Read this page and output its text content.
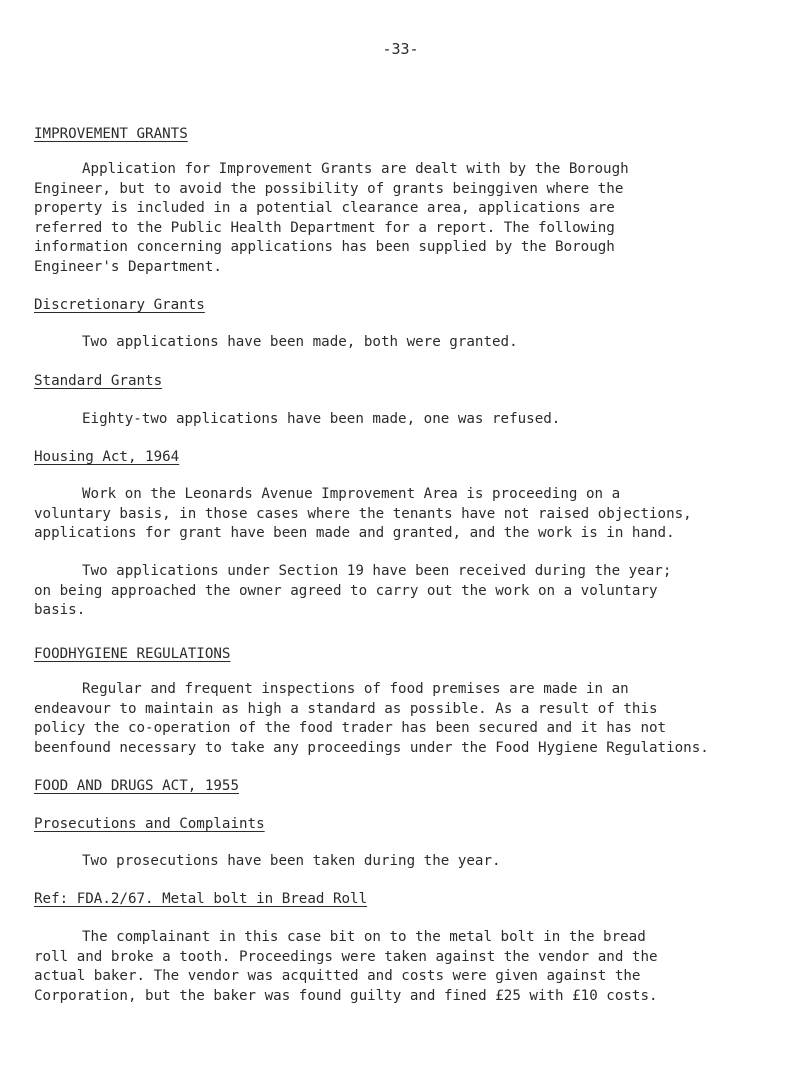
-33-
IMPROVEMENT GRANTS
Application for Improvement Grants are dealt with by the Borough
Engineer, but to avoid the possibility of grants beinggiven where the
property is included in a potential clearance area, applications are
referred to the Public Health Department for a report. The following
information concerning applications has been supplied by the Borough
Engineer's Department.
Discretionary Grants
Two applications have been made, both were granted.
Standard Grants
Eighty-two applications have been made, one was refused.
Housing Act, 1964
Work on the Leonards Avenue Improvement Area is proceeding on a
voluntary basis, in those cases where the tenants have not raised objections,
applications for grant have been made and granted, and the work is in hand.
Two applications under Section 19 have been received during the year;
on being approached the owner agreed to carry out the work on a voluntary
basis.
FOODHYGIENE REGULATIONS
Regular and frequent inspections of food premises are made in an
endeavour to maintain as high a standard as possible. As a result of this
policy the co-operation of the food trader has been secured and it has not
beenfound necessary to take any proceedings under the Food Hygiene Regulations.
FOOD AND DRUGS ACT, 1955
Prosecutions and Complaints
Two prosecutions have been taken during the year.
Ref: FDA.2/67. Metal bolt in Bread Roll
The complainant in this case bit on to the metal bolt in the bread
roll and broke a tooth. Proceedings were taken against the vendor and the
actual baker. The vendor was acquitted and costs were given against the
Corporation, but the baker was found guilty and fined £25 with £10 costs.
